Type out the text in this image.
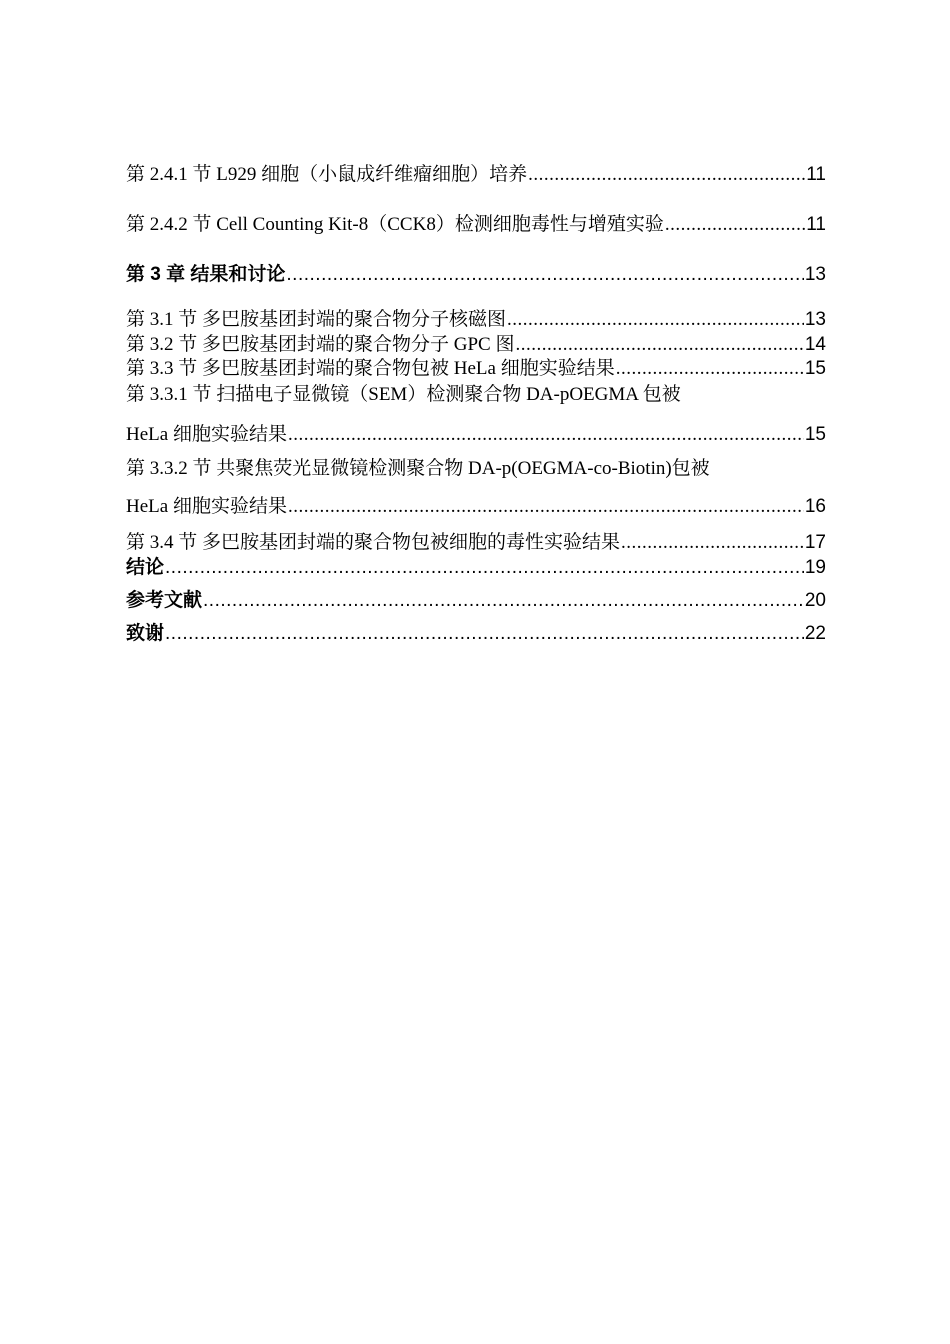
第 2.4.1 节 L929 细胞（小鼠成纤维瘤细胞）培养 .....	11
第 2.4.2 节 Cell Counting Kit-8（CCK8）检测细胞毒性与增殖实验 .....	11
第 3 章 结果和讨论 .....	13
第 3.1 节 多巴胺基团封端的聚合物分子核磁图 .....	13
第 3.2 节 多巴胺基团封端的聚合物分子 GPC 图 .....	14
第 3.3 节 多巴胺基团封端的聚合物包被 HeLa 细胞实验结果 .....	15
第 3.3.1 节 扫描电子显微镜（SEM）检测聚合物 DA-pOEGMA 包被
HeLa 细胞实验结果 .....	15
第 3.3.2 节 共聚焦荧光显微镜检测聚合物 DA-p(OEGMA-co-Biotin)包被
HeLa 细胞实验结果 .....	16
第 3.4 节 多巴胺基团封端的聚合物包被细胞的毒性实验结果 .....	17
结论 .....	19
参考文献 .....	20
致谢 .....	22
